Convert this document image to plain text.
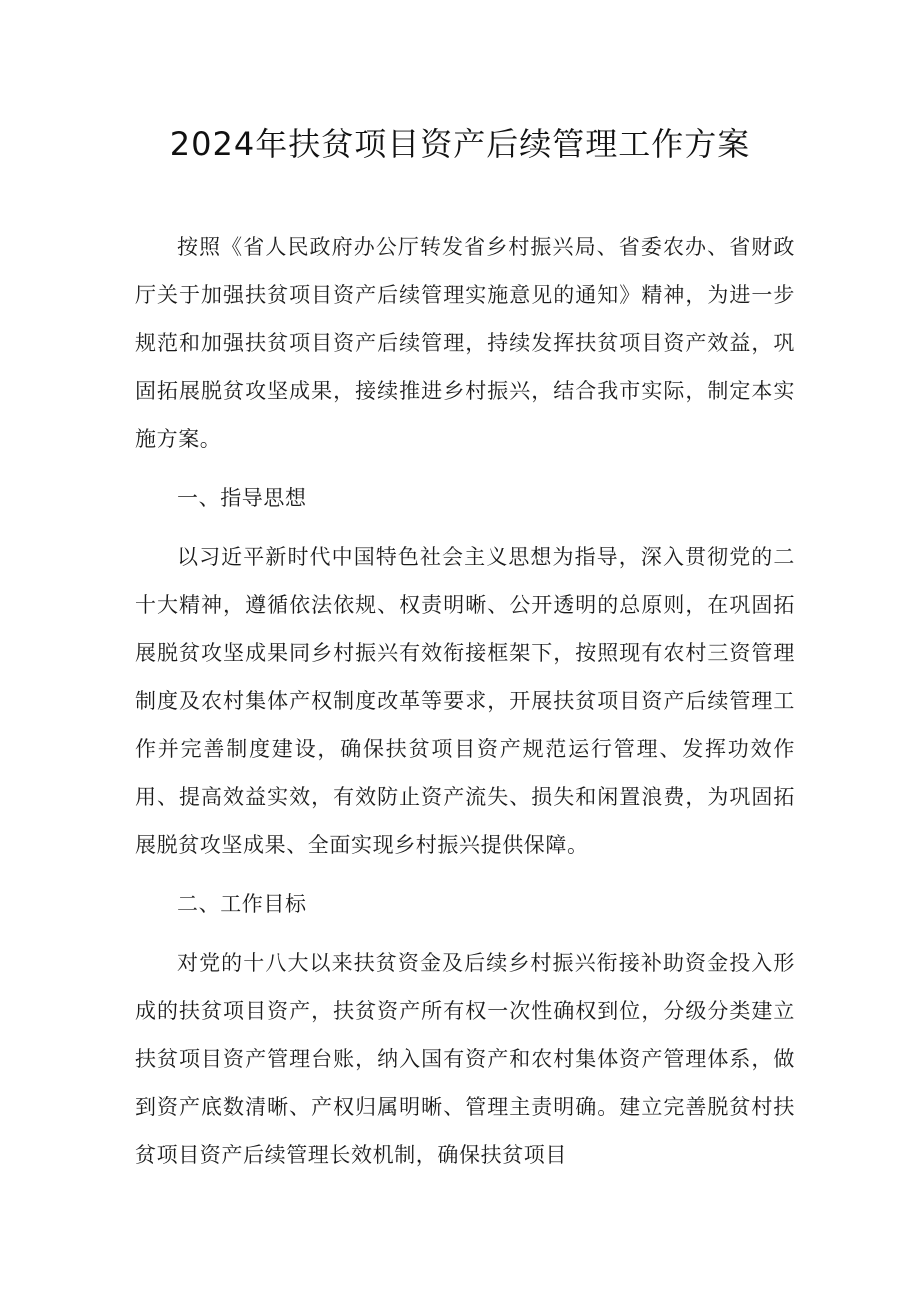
2024年扶贫项目资产后续管理工作方案

按照《省人民政府办公厅转发省乡村振兴局、省委农办、省财政厅关于加强扶贫项目资产后续管理实施意见的通知》精神，为进一步规范和加强扶贫项目资产后续管理，持续发挥扶贫项目资产效益，巩固拓展脱贫攻坚成果，接续推进乡村振兴，结合我市实际，制定本实施方案。

一、指导思想

以习近平新时代中国特色社会主义思想为指导，深入贯彻党的二十大精神，遵循依法依规、权责明晰、公开透明的总原则，在巩固拓展脱贫攻坚成果同乡村振兴有效衔接框架下，按照现有农村三资管理制度及农村集体产权制度改革等要求，开展扶贫项目资产后续管理工作并完善制度建设，确保扶贫项目资产规范运行管理、发挥功效作用、提高效益实效，有效防止资产流失、损失和闲置浪费，为巩固拓展脱贫攻坚成果、全面实现乡村振兴提供保障。

二、工作目标

对党的十八大以来扶贫资金及后续乡村振兴衔接补助资金投入形成的扶贫项目资产，扶贫资产所有权一次性确权到位，分级分类建立扶贫项目资产管理台账，纳入国有资产和农村集体资产管理体系，做到资产底数清晰、产权归属明晰、管理主责明确。建立完善脱贫村扶贫项目资产后续管理长效机制，确保扶贫项目
